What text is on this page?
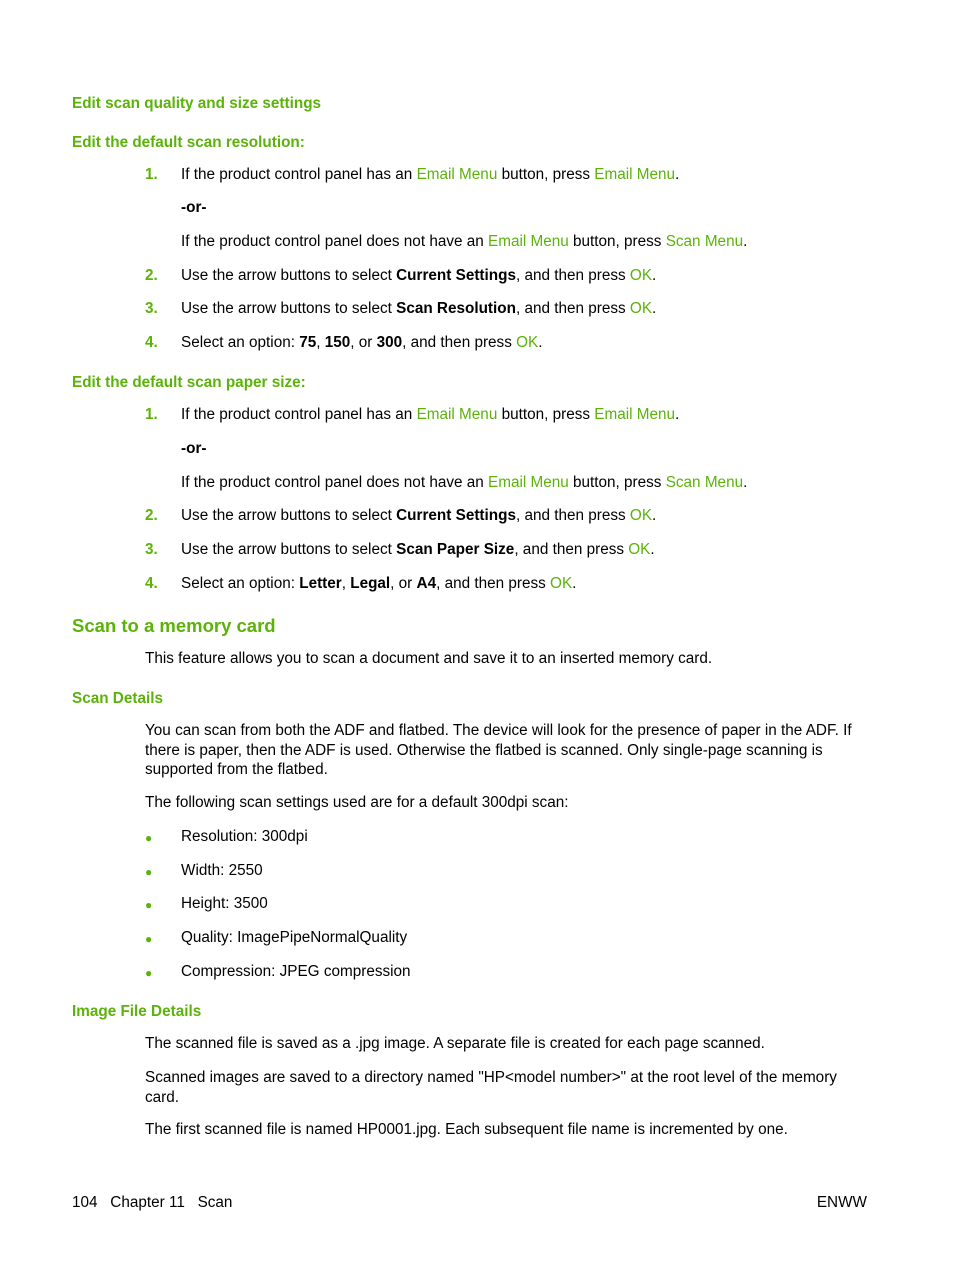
Edit scan quality and size settings
Edit the default scan resolution:
1. If the product control panel has an Email Menu button, press Email Menu.
-or-
If the product control panel does not have an Email Menu button, press Scan Menu.
2. Use the arrow buttons to select Current Settings, and then press OK.
3. Use the arrow buttons to select Scan Resolution, and then press OK.
4. Select an option: 75, 150, or 300, and then press OK.
Edit the default scan paper size:
1. If the product control panel has an Email Menu button, press Email Menu.
-or-
If the product control panel does not have an Email Menu button, press Scan Menu.
2. Use the arrow buttons to select Current Settings, and then press OK.
3. Use the arrow buttons to select Scan Paper Size, and then press OK.
4. Select an option: Letter, Legal, or A4, and then press OK.
Scan to a memory card
This feature allows you to scan a document and save it to an inserted memory card.
Scan Details
You can scan from both the ADF and flatbed. The device will look for the presence of paper in the ADF. If there is paper, then the ADF is used. Otherwise the flatbed is scanned. Only single-page scanning is supported from the flatbed.
The following scan settings used are for a default 300dpi scan:
● Resolution: 300dpi
● Width: 2550
● Height: 3500
● Quality: ImagePipeNormalQuality
● Compression: JPEG compression
Image File Details
The scanned file is saved as a .jpg image. A separate file is created for each page scanned.
Scanned images are saved to a directory named "HP<model number>" at the root level of the memory card.
The first scanned file is named HP0001.jpg. Each subsequent file name is incremented by one.
104   Chapter 11   Scan	ENWW
